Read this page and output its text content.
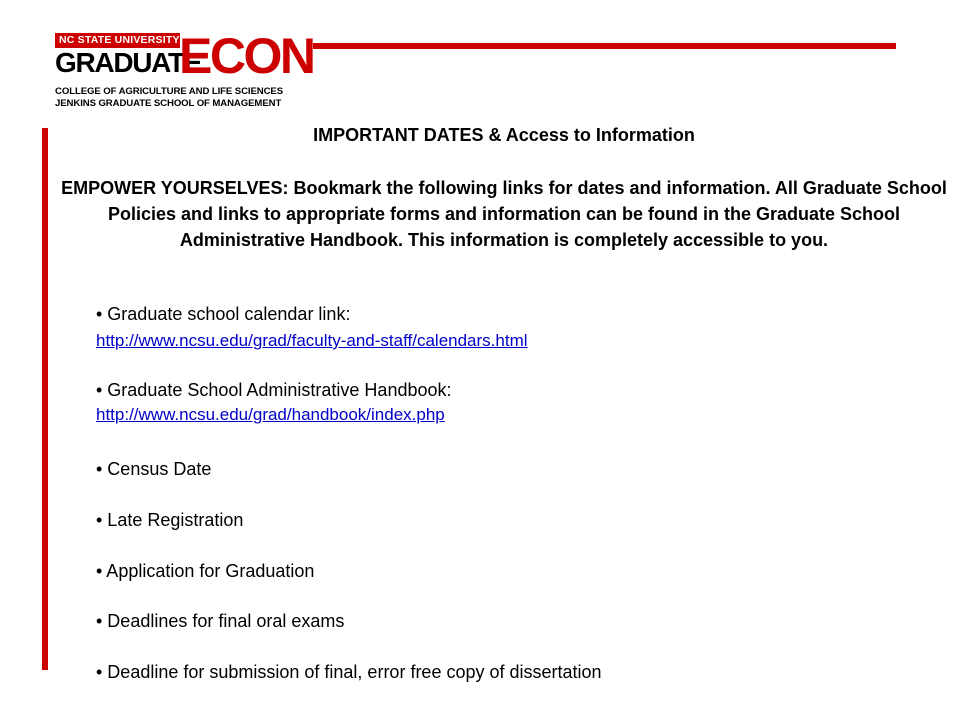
NC STATE UNIVERSITY
GRADUATE
ECON
COLLEGE OF AGRICULTURE AND LIFE SCIENCES
JENKINS GRADUATE SCHOOL OF MANAGEMENT
IMPORTANT DATES & Access to Information
EMPOWER YOURSELVES: Bookmark the following links for dates and information. All Graduate School Policies and links to appropriate forms and information can be found in the Graduate School Administrative Handbook. This information is completely accessible to you.
• Graduate school calendar link:
http://www.ncsu.edu/grad/faculty-and-staff/calendars.html
• Graduate School Administrative Handbook:
http://www.ncsu.edu/grad/handbook/index.php
• Census Date
• Late Registration
• Application for Graduation
• Deadlines for final oral exams
• Deadline for submission of final, error free copy of dissertation
